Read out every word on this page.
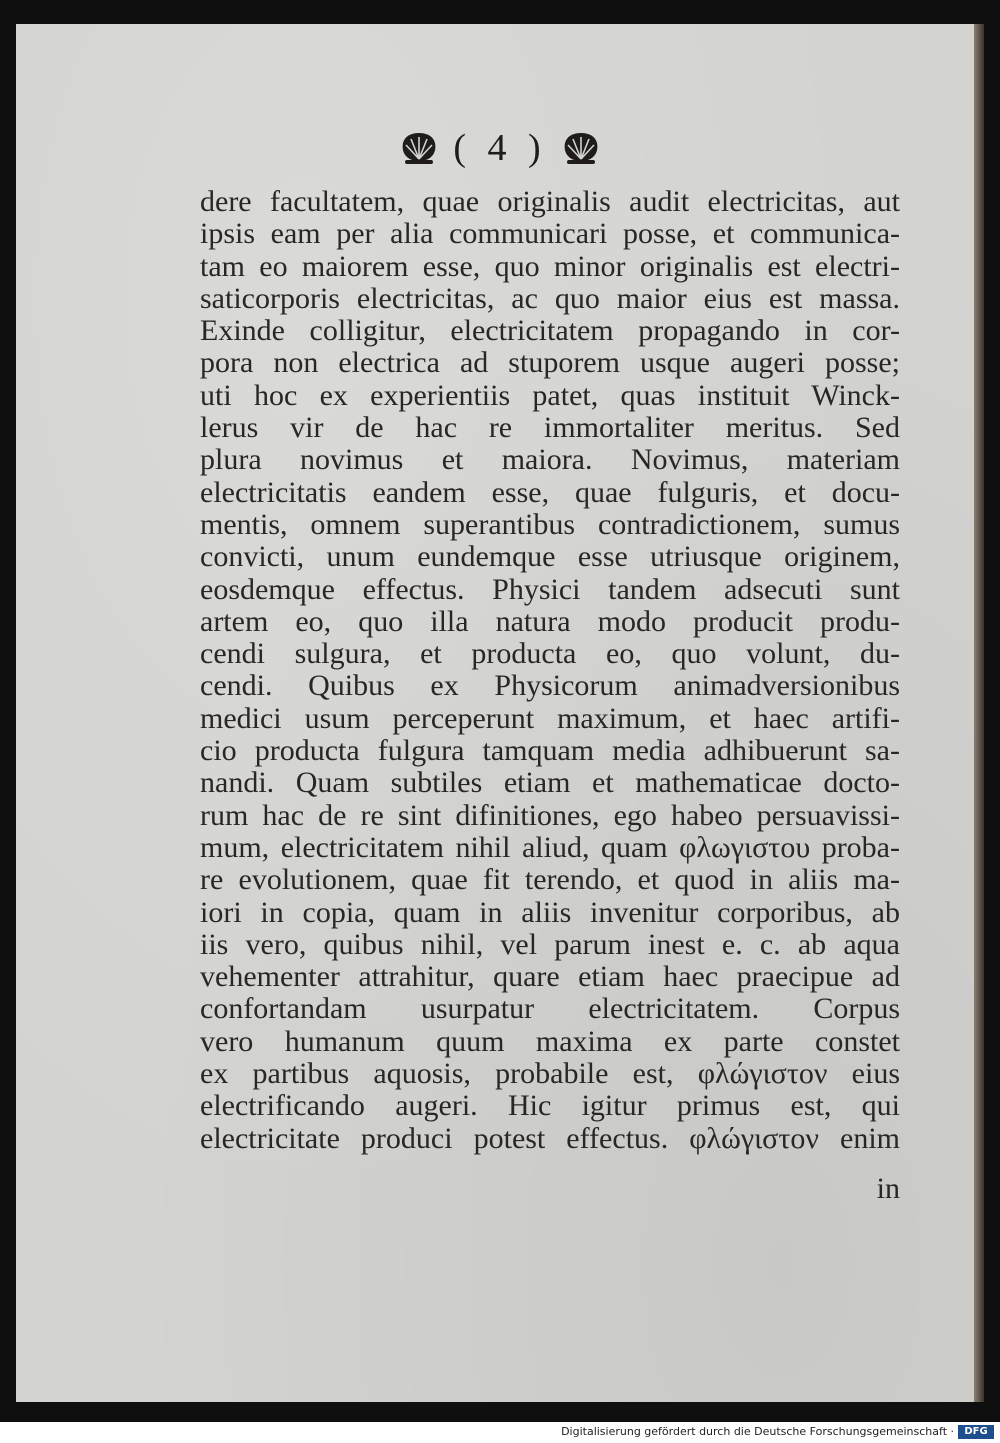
( 4 )
dere facultatem, quae originalis audit electricitas, aut
ipsis eam per alia communicari posse, et communica-
tam eo maiorem esse, quo minor originalis est electri-
saticorporis electricitas, ac quo maior eius est massa.
Exinde colligitur, electricitatem propagando in cor-
pora non electrica ad stuporem usque augeri posse;
uti hoc ex experientiis patet, quas instituit Winck-
lerus vir de hac re immortaliter meritus. Sed
plura novimus et maiora. Novimus, materiam
electricitatis eandem esse, quae fulguris, et docu-
mentis, omnem superantibus contradictionem, sumus
convicti, unum eundemque esse utriusque originem,
eosdemque effectus. Physici tandem adsecuti sunt
artem eo, quo illa natura modo producit produ-
cendi sulgura, et producta eo, quo volunt, du-
cendi. Quibus ex Physicorum animadversionibus
medici usum perceperunt maximum, et haec artifi-
cio producta fulgura tamquam media adhibuerunt sa-
nandi. Quam subtiles etiam et mathematicae docto-
rum hac de re sint difinitiones, ego habeo persuavissi-
mum, electricitatem nihil aliud, quam φλωγιστου proba-
re evolutionem, quae fit terendo, et quod in aliis ma-
iori in copia, quam in aliis invenitur corporibus, ab
iis vero, quibus nihil, vel parum inest e. c. ab aqua
vehementer attrahitur, quare etiam haec praecipue ad
confortandam usurpatur electricitatem. Corpus
vero humanum quum maxima ex parte constet
ex partibus aquosis, probabile est, φλώγιστον eius
electrificando augeri. Hic igitur primus est, qui
electricitate produci potest effectus. φλώγιστον enim
in
Digitalisierung gefördert durch die Deutsche Forschungsgemeinschaft ·	DFG
